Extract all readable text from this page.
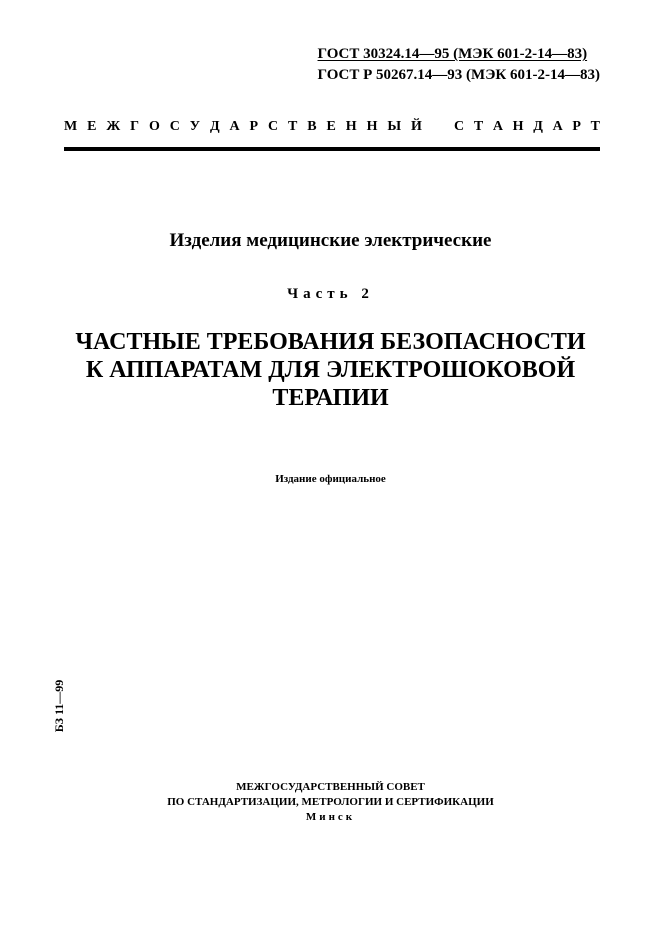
ГОСТ 30324.14—95 (МЭК 601-2-14—83)
ГОСТ Р 50267.14—93 (МЭК 601-2-14—83)
М Е Ж Г О С У Д А Р С Т В Е Н Н Ы Й С Т А Н Д А Р Т
Изделия медицинские электрические
Часть 2
ЧАСТНЫЕ ТРЕБОВАНИЯ БЕЗОПАСНОСТИ
К АППАРАТАМ ДЛЯ ЭЛЕКТРОШОКОВОЙ
ТЕРАПИИ
Издание официальное
БЗ 11—99
МЕЖГОСУДАРСТВЕННЫЙ СОВЕТ
ПО СТАНДАРТИЗАЦИИ, МЕТРОЛОГИИ И СЕРТИФИКАЦИИ
Минск
